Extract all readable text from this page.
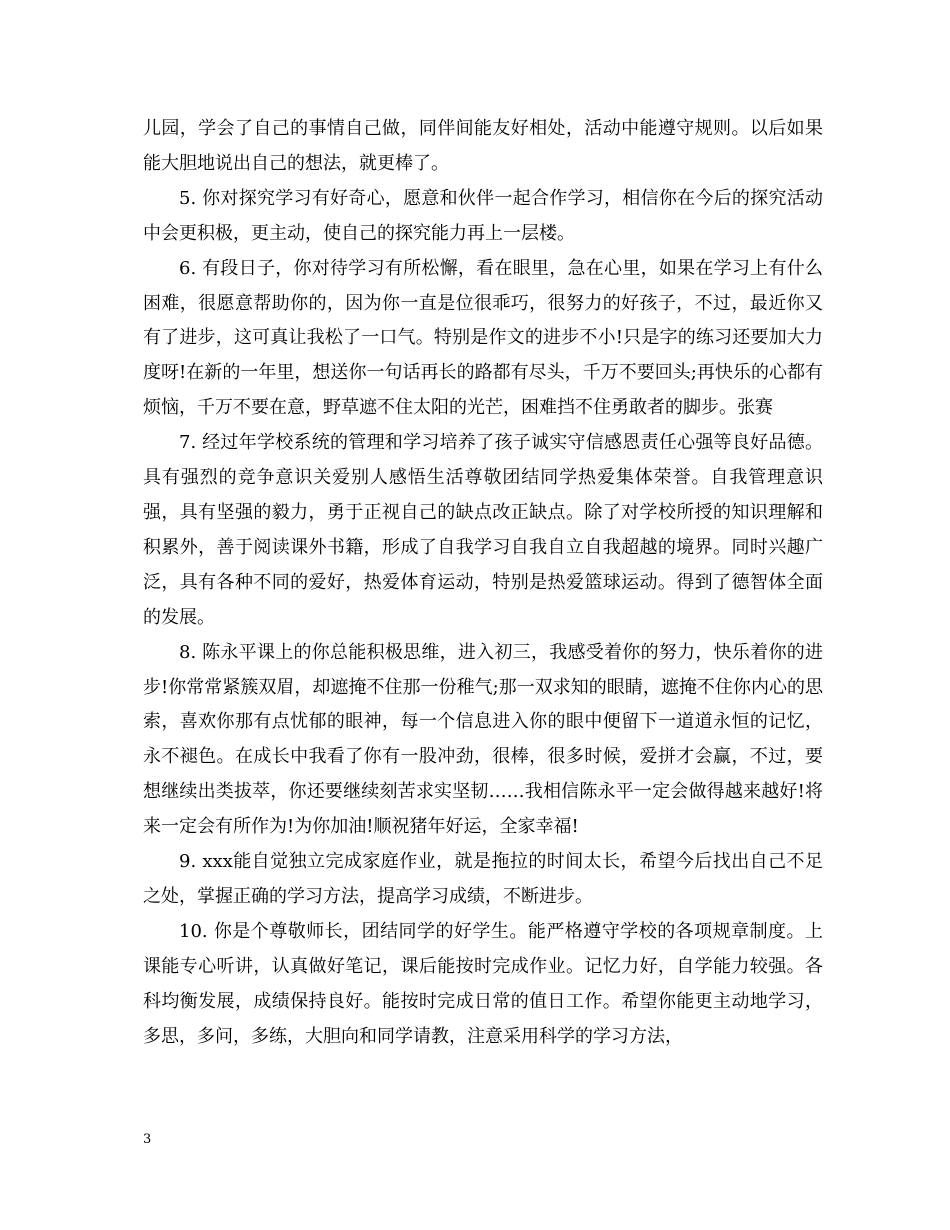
儿园，学会了自己的事情自己做，同伴间能友好相处，活动中能遵守规则。以后如果能大胆地说出自己的想法，就更棒了。

5. 你对探究学习有好奇心，愿意和伙伴一起合作学习，相信你在今后的探究活动中会更积极，更主动，使自己的探究能力再上一层楼。

6. 有段日子，你对待学习有所松懈，看在眼里，急在心里，如果在学习上有什么困难，很愿意帮助你的，因为你一直是位很乖巧，很努力的好孩子，不过，最近你又有了进步，这可真让我松了一口气。特别是作文的进步不小!只是字的练习还要加大力度呀!在新的一年里，想送你一句话再长的路都有尽头，千万不要回头;再快乐的心都有烦恼，千万不要在意，野草遮不住太阳的光芒，困难挡不住勇敢者的脚步。张赛

7. 经过年学校系统的管理和学习培养了孩子诚实守信感恩责任心强等良好品德。具有强烈的竞争意识关爱别人感悟生活尊敬团结同学热爱集体荣誉。自我管理意识强，具有坚强的毅力，勇于正视自己的缺点改正缺点。除了对学校所授的知识理解和积累外，善于阅读课外书籍，形成了自我学习自我自立自我超越的境界。同时兴趣广泛，具有各种不同的爱好，热爱体育运动，特别是热爱篮球运动。得到了德智体全面的发展。

8. 陈永平课上的你总能积极思维，进入初三，我感受着你的努力，快乐着你的进步!你常常紧簇双眉，却遮掩不住那一份稚气;那一双求知的眼睛，遮掩不住你内心的思索，喜欢你那有点忧郁的眼神，每一个信息进入你的眼中便留下一道道永恒的记忆，永不褪色。在成长中我看了你有一股冲劲，很棒，很多时候，爱拼才会赢，不过，要想继续出类拔萃，你还要继续刻苦求实坚韧……我相信陈永平一定会做得越来越好!将来一定会有所作为!为你加油!顺祝猪年好运，全家幸福!

9. xxx能自觉独立完成家庭作业，就是拖拉的时间太长，希望今后找出自己不足之处，掌握正确的学习方法，提高学习成绩，不断进步。

10. 你是个尊敬师长，团结同学的好学生。能严格遵守学校的各项规章制度。上课能专心听讲，认真做好笔记，课后能按时完成作业。记忆力好，自学能力较强。各科均衡发展，成绩保持良好。能按时完成日常的值日工作。希望你能更主动地学习，多思，多问，多练，大胆向和同学请教，注意采用科学的学习方法，

3
